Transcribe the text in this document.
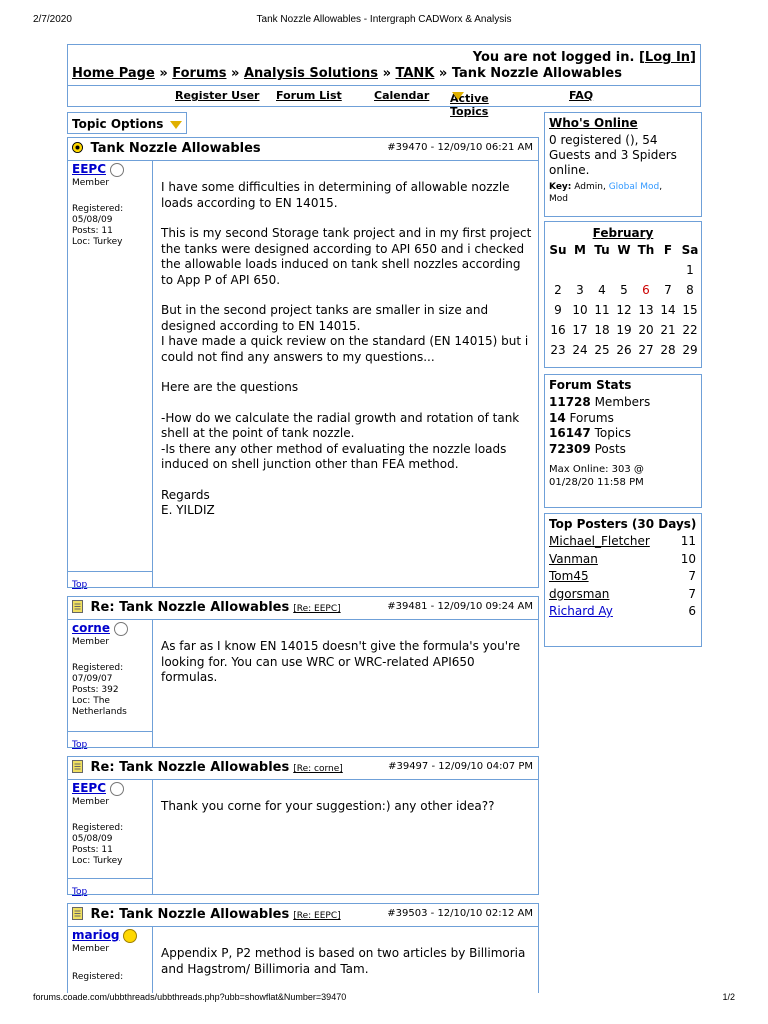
2/7/2020	Tank Nozzle Allowables - Intergraph CADWorx & Analysis
You are not logged in. [Log In]
Home Page » Forums » Analysis Solutions » TANK » Tank Nozzle Allowables
Register User Forum List	Calendar Active Topics
FAQ
Topic Options
Tank Nozzle Allowables	#39470 - 12/09/10 06:21 AM
EEPC
Member
Registered:
05/08/09
Posts: 11
Loc: Turkey
Top

I have some difficulties in determining of allowable nozzle loads according to EN 14015.

This is my second Storage tank project and in my first project the tanks were designed according to API 650 and i checked the allowable loads induced on tank shell nozzles according to App P of API 650.

But in the second project tanks are smaller in size and designed according to EN 14015.
I have made a quick review on the standard (EN 14015) but i could not find any answers to my questions...

Here are the questions

-How do we calculate the radial growth and rotation of tank shell at the point of tank nozzle.
-Is there any other method of evaluating the nozzle loads induced on shell junction other than FEA method.

Regards
E. YILDIZ

Re: Tank Nozzle Allowables [Re: EEPC]	#39481 - 12/09/10 09:24 AM
corne
Member
Registered:
07/09/07
Posts: 392
Loc: The
Netherlands
Top

As far as I know EN 14015 doesn't give the formula's you're looking for. You can use WRC or WRC-related API650 formulas.

Re: Tank Nozzle Allowables [Re: corne]	#39497 - 12/09/10 04:07 PM
EEPC
Member
Registered:
05/08/09
Posts: 11
Loc: Turkey
Top

Thank you corne for your suggestion:) any other idea??

Re: Tank Nozzle Allowables [Re: EEPC]	#39503 - 12/10/10 02:12 AM
mariog
Member
Registered:

Appendix P, P2 method is based on two articles by Billimoria and Hagstrom/ Billimoria and Tam.

Who's Online
0 registered (), 54 Guests and 3 Spiders online.
Key: Admin, Global Mod,
Mod
February
Su	M	Tu	W	Th	F	Sa
						1
2	3	4	5	6	7	8
9	10	11	12	13	14	15
16	17	18	19	20	21	22
23	24	25	26	27	28	29
Forum Stats
11728 Members
14 Forums
16147 Topics
72309 Posts
Max Online: 303 @
01/28/20 11:58 PM
Top Posters (30 Days)
Michael_Fletcher	11
Vanman	10
Tom45	7
dgorsman	7
Richard Ay	6
forums.coade.com/ubbthreads/ubbthreads.php?ubb=showflat&Number=39470	1/2
